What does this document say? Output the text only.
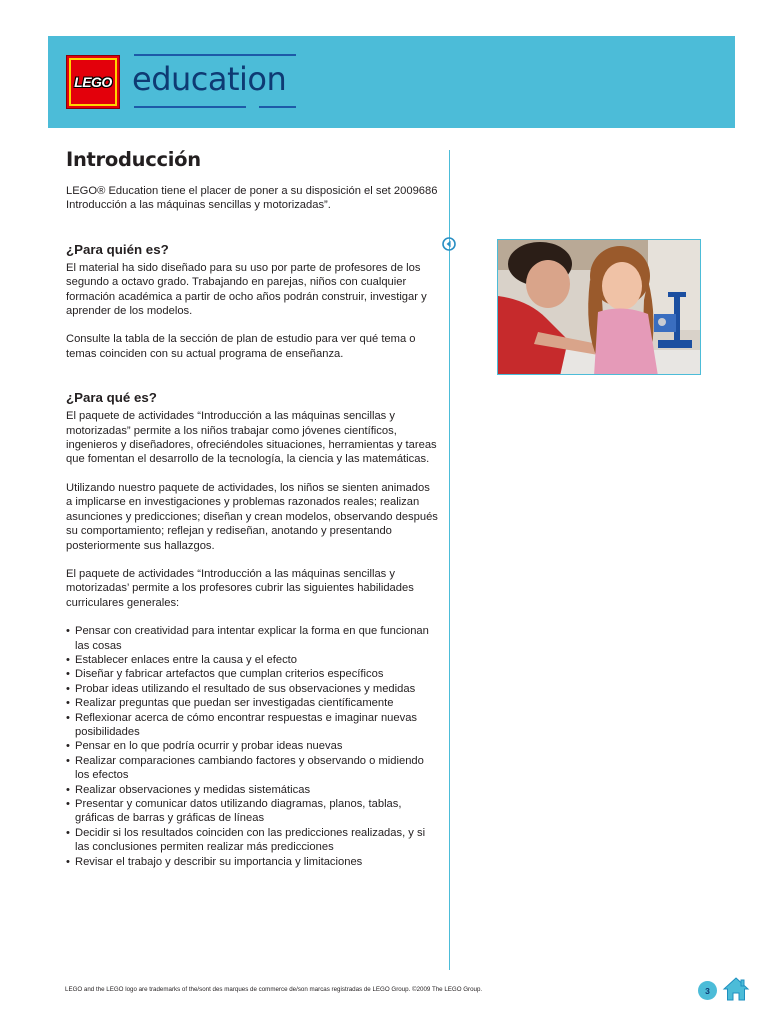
LEGO education
Introducción

LEGO® Education tiene el placer de poner a su disposición el set 2009686 Introducción a las máquinas sencillas y motorizadas”.

¿Para quién es?

El material ha sido diseñado para su uso por parte de profesores de los segundo a octavo grado. Trabajando en parejas, niños con cualquier formación académica a partir de ocho años podrán construir, investigar y aprender de los modelos.

Consulte la tabla de la sección de plan de estudio para ver qué tema o temas coinciden con su actual programa de enseñanza.

¿Para qué es?

El paquete de actividades “Introducción a las máquinas sencillas y motorizadas” permite a los niños trabajar como jóvenes científicos, ingenieros y diseñadores, ofreciéndoles situaciones, herramientas y tareas que fomentan el desarrollo de la tecnología, la ciencia y las matemáticas.

Utilizando nuestro paquete de actividades, los niños se sienten animados a implicarse en investigaciones y problemas razonados reales; realizan asunciones y predicciones; diseñan y crean modelos, observando después su comportamiento; reflejan y rediseñan, anotando y presentando posteriormente sus hallazgos.

El paquete de actividades “Introducción a las máquinas sencillas y motorizadas’ permite a los profesores cubrir las siguientes habilidades curriculares generales:

• Pensar con creatividad para intentar explicar la forma en que funcionan las cosas
• Establecer enlaces entre la causa y el efecto
• Diseñar y fabricar artefactos que cumplan criterios específicos
• Probar ideas utilizando el resultado de sus observaciones y medidas
• Realizar preguntas que puedan ser investigadas científicamente
• Reflexionar acerca de cómo encontrar respuestas e imaginar nuevas posibilidades
• Pensar en lo que podría ocurrir y probar ideas nuevas
• Realizar comparaciones cambiando factores y observando o midiendo los efectos
• Realizar observaciones y medidas sistemáticas
• Presentar y comunicar datos utilizando diagramas, planos, tablas, gráficas de barras y gráficas de líneas
• Decidir si los resultados coinciden con las predicciones realizadas, y si las conclusiones permiten realizar más predicciones
• Revisar el trabajo y describir su importancia y limitaciones
LEGO and the LEGO logo are trademarks of the/sont des marques de commerce de/son marcas registradas de LEGO Group. ©2009 The LEGO Group.	3
